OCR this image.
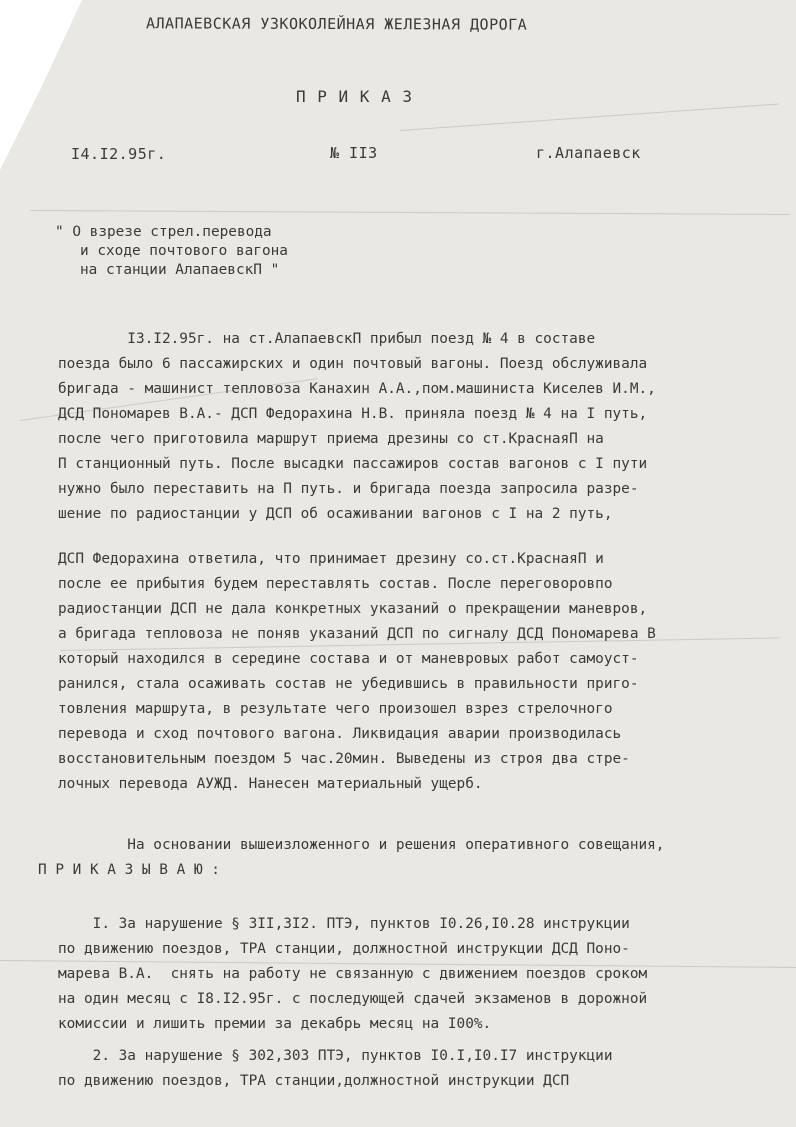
АЛАПАЕВСКАЯ УЗКОКОЛЕЙНАЯ ЖЕЛЕЗНАЯ ДОРОГА
П Р И К А З
I4.I2.95г.	№ II3	г.Алапаевск
" О взрезе стрел.перевода
и сходе почтового вагона
на станции АлапаевскП "
I3.I2.95г. на ст.АлапаевскП прибыл поезд № 4 в составе
поезда было 6 пассажирских и один почтовый вагоны. Поезд обслуживала
бригада - машинист тепловоза Канахин А.А.,пом.машиниста Киселев И.М.,
ДСД Пономарев В.А.- ДСП Федорахина Н.В. приняла поезд № 4 на I путь,
после чего приготовила маршрут приема дрезины со ст.КраснаяП на
П станционный путь. После высадки пассажиров состав вагонов с I пути
нужно было переставить на П путь. и бригада поезда запросила разре-
шение по радиостанции у ДСП об осаживании вагонов с I на 2 путь,
ДСП Федорахина ответила, что принимает дрезину со.ст.КраснаяП и
после ее прибытия будем переставлять состав. После переговоровпо
радиостанции ДСП не дала конкретных указаний о прекращении маневров,
а бригада тепловоза не поняв указаний ДСП по сигналу ДСД Пономарева В
который находился в середине состава и от маневровых работ самоуст-
ранился, стала осаживать состав не убедившись в правильности приго-
товления маршрута, в результате чего произошел взрез стрелочного
перевода и сход почтового вагона. Ликвидация аварии производилась
восстановительным поездом 5 час.20мин. Выведены из строя два стре-
лочных перевода АУЖД. Нанесен материальный ущерб.
На основании вышеизложенного и решения оперативного совещания,
П Р И К А З Ы В А Ю :
I. За нарушение § 3ІІ,3I2. ПТЭ, пунктов I0.26,I0.28 инструкции
по движению поездов, ТРА станции, должностной инструкции ДСД Поно-
марева В.А.  снять на работу не связанную с движением поездов сроком
на один месяц с I8.I2.95г. с последующей сдачей экзаменов в дорожной
комиссии и лишить премии за декабрь месяц на I00%.
2. За нарушение § 302,303 ПТЭ, пунктов I0.I,I0.I7 инструкции
по движению поездов, ТРА станции,должностной инструкции ДСП
